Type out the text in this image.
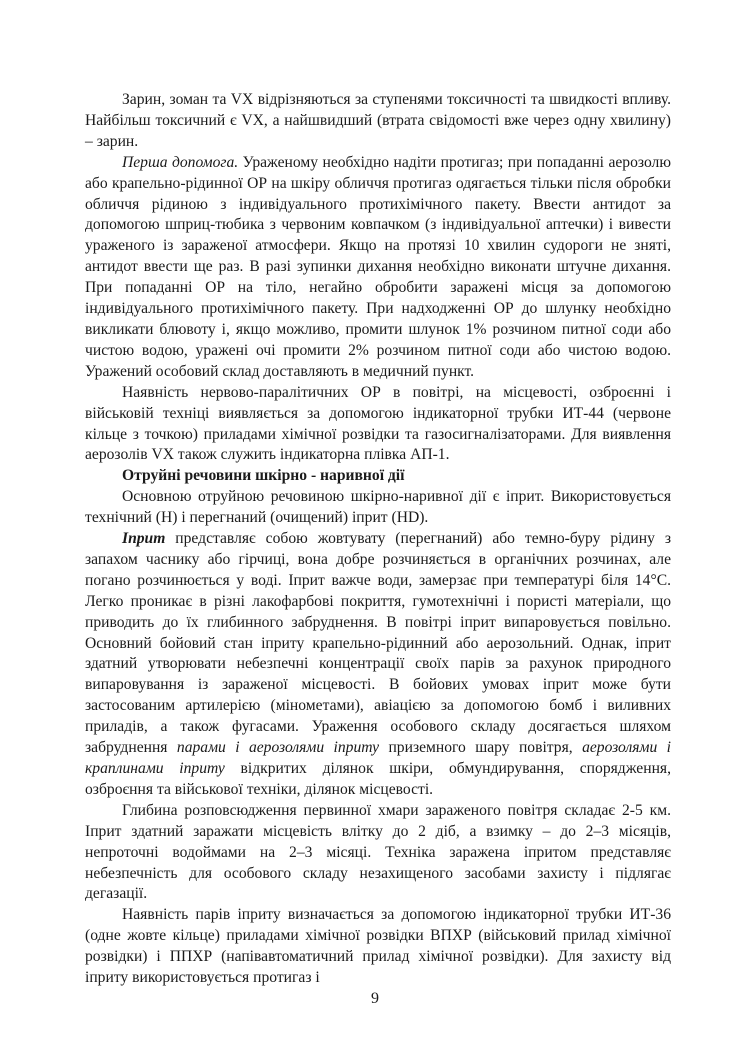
Зарин, зоман та VX відрізняються за ступенями токсичності та швидкості впливу. Найбільш токсичний є VX, а найшвидший (втрата свідомості вже через одну хвилину) – зарин.

Перша допомога. Ураженому необхідно надіти протигаз; при попаданні аерозолю або крапельно-рідинної ОР на шкіру обличчя протигаз одягається тільки після обробки обличчя рідиною з індивідуального протихімічного пакету. Ввести антидот за допомогою шприц-тюбика з червоним ковпачком (з індивідуальної аптечки) і вивести ураженого із зараженої атмосфери. Якщо на протязі 10 хвилин судороги не зняті, антидот ввести ще раз. В разі зупинки дихання необхідно виконати штучне дихання. При попаданні ОР на тіло, негайно обробити заражені місця за допомогою індивідуального протихімічного пакету. При надходженні ОР до шлунку необхідно викликати блювоту і, якщо можливо, промити шлунок 1% розчином питної соди або чистою водою, уражені очі промити 2% розчином питної соди або чистою водою. Уражений особовий склад доставляють в медичний пункт.

Наявність нервово-паралітичних ОР в повітрі, на місцевості, озброєнні і військовій техніці виявляється за допомогою індикаторної трубки ИТ-44 (червоне кільце з точкою) приладами хімічної розвідки та газосигналізаторами. Для виявлення аерозолів VX також служить індикаторна плівка АП-1.

Отруйні речовини шкірно - наривної дії

Основною отруйною речовиною шкірно-наривної дії є іприт. Використовується технічний (Н) і перегнаний (очищений) іприт (HD).

Іприт представляє собою жовтувату (перегнаний) або темно-буру рідину з запахом часнику або гірчиці, вона добре розчиняється в органічних розчинах, але погано розчинюється у воді. Іприт важче води, замерзає при температурі біля 14°С. Легко проникає в різні лакофарбові покриття, гумотехнічні і пористі матеріали, що приводить до їх глибинного забруднення. В повітрі іприт випаровується повільно. Основний бойовий стан іприту крапельно-рідинний або аерозольний. Однак, іприт здатний утворювати небезпечні концентрації своїх парів за рахунок природного випаровування із зараженої місцевості. В бойових умовах іприт може бути застосованим артилерією (мінометами), авіацією за допомогою бомб і виливних приладів, а також фугасами. Ураження особового складу досягається шляхом забруднення парами і аерозолями іприту приземного шару повітря, аерозолями і краплинами іприту відкритих ділянок шкіри, обмундирування, спорядження, озброєння та військової техніки, ділянок місцевості.

Глибина розповсюдження первинної хмари зараженого повітря складає 2-5 км. Іприт здатний заражати місцевість влітку до 2 діб, а взимку – до 2–3 місяців, непроточні водоймами на 2–3 місяці. Техніка заражена іпритом представляє небезпечність для особового складу незахищеного засобами захисту і підлягає дегазації.

Наявність парів іприту визначається за допомогою індикаторної трубки ИТ-36 (одне жовте кільце) приладами хімічної розвідки ВПХР (військовий прилад хімічної розвідки) і ППХР (напівавтоматичний прилад хімічної розвідки). Для захисту від іприту використовується протигаз і

9
